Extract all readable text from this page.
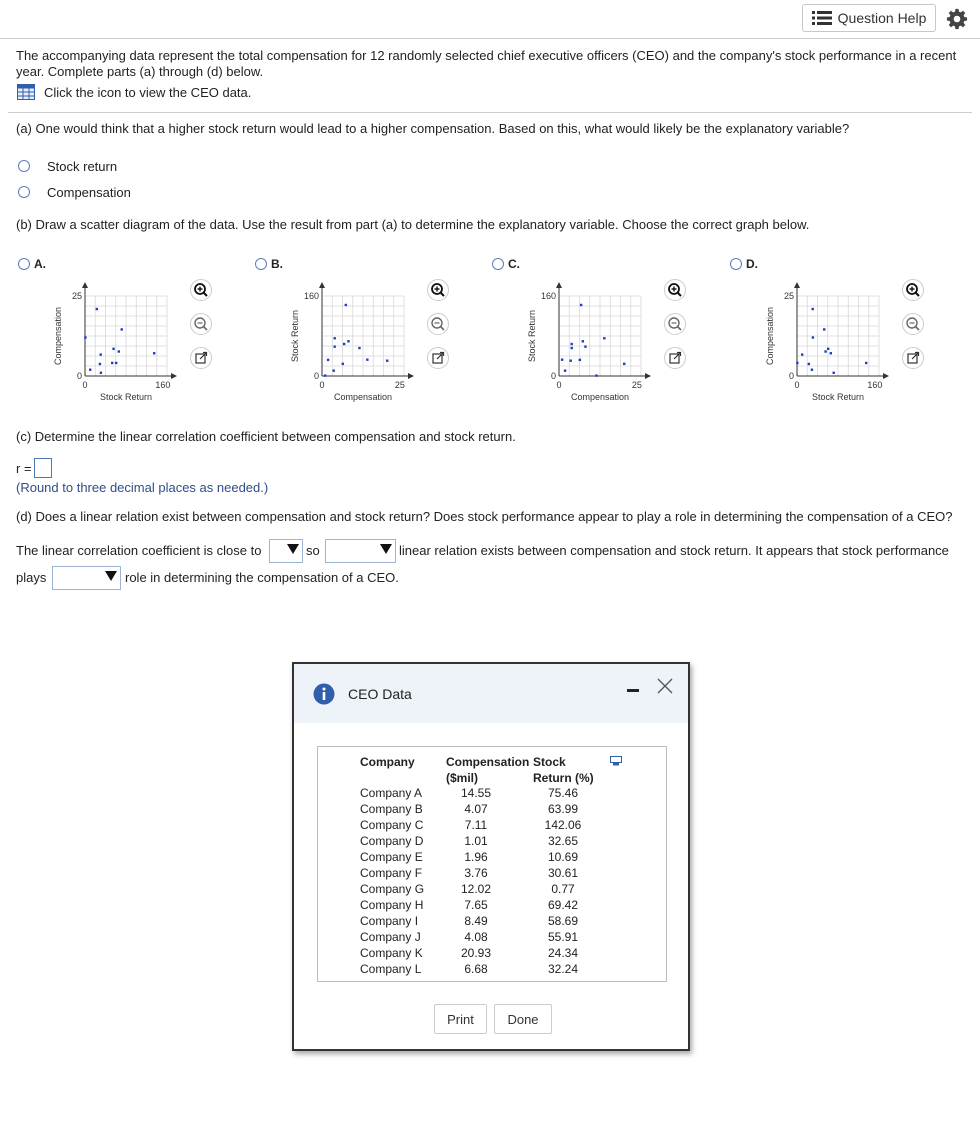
Question Help
The accompanying data represent the total compensation for 12 randomly selected chief executive officers (CEO) and the company's stock performance in a recent year. Complete parts (a) through (d) below.
Click the icon to view the CEO data.
(a) One would think that a higher stock return would lead to a higher compensation. Based on this, what would likely be the explanatory variable?
Stock return
Compensation
(b) Draw a scatter diagram of the data. Use the result from part (a) to determine the explanatory variable. Choose the correct graph below.
A.
0	160
0
25
Stock Return
Compensation
B.
0	25
0
160
Compensation
Stock Return
C.
0	25
0
160
Compensation
Stock Return
D.
0	160
0
25
Stock Return
Compensation
(c) Determine the linear correlation coefficient between compensation and stock return.
r =
(Round to three decimal places as needed.)
(d) Does a linear relation exist between compensation and stock return? Does stock performance appear to play a role in determining the compensation of a CEO?
The linear correlation coefficient is close to	so	linear relation exists between compensation and stock return. It appears that stock performance
plays	role in determining the compensation of a CEO.
CEO Data
Company	Compensation
($mil)
Stock
Return (%)
Company A	14.55	75.46
Company B	4.07	63.99
Company C	7.11	142.06
Company D	1.01	32.65
Company E	1.96	10.69
Company F	3.76	30.61
Company G	12.02	0.77
Company H	7.65	69.42
Company I	8.49	58.69
Company J	4.08	55.91
Company K	20.93	24.34
Company L	6.68	32.24
Print	Done
